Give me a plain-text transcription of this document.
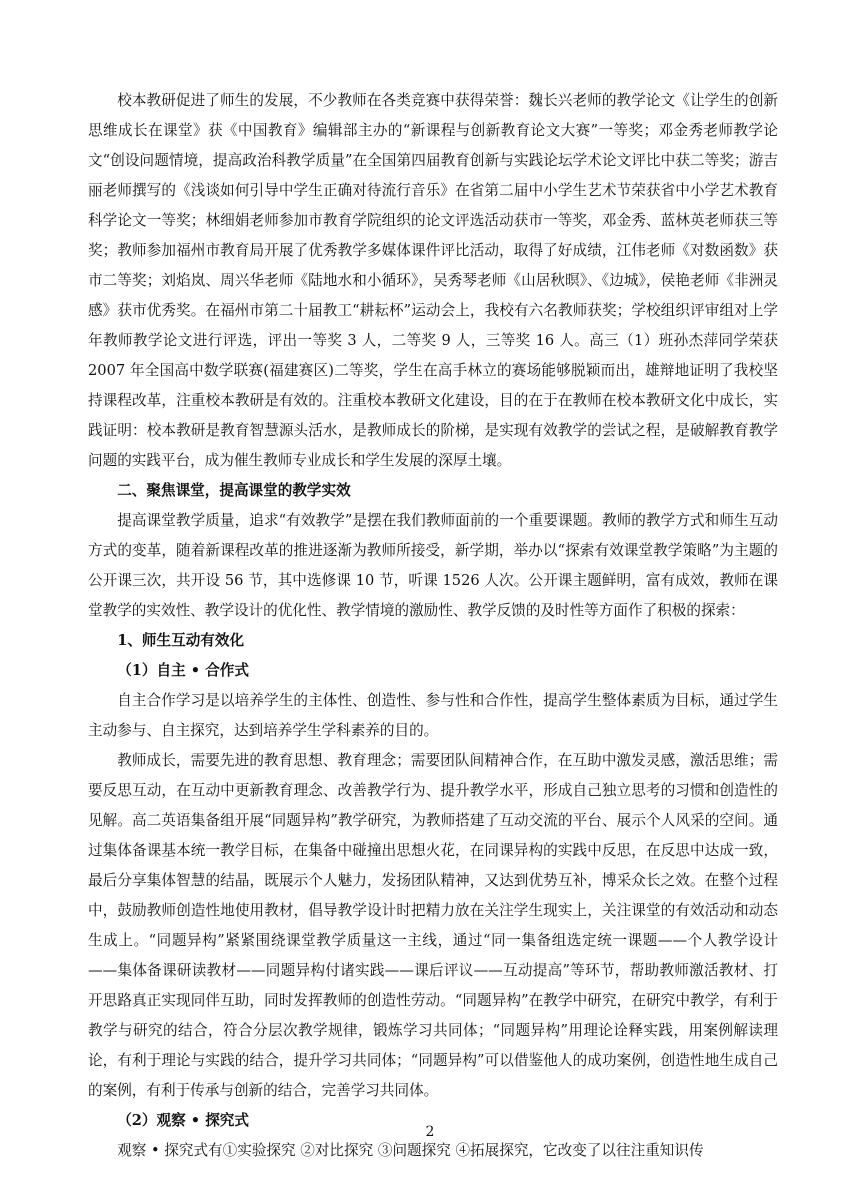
校本教研促进了师生的发展，不少教师在各类竞赛中获得荣誉：魏长兴老师的教学论文《让学生的创新思维成长在课堂》获《中国教育》编辑部主办的“新课程与创新教育论文大赛”一等奖；邓金秀老师教学论文“创设问题情境，提高政治科教学质量”在全国第四届教育创新与实践论坛学术论文评比中获二等奖；游吉丽老师撰写的《浅谈如何引导中学生正确对待流行音乐》在省第二届中小学生艺术节荣获省中小学艺术教育科学论文一等奖；林细娟老师参加市教育学院组织的论文评选活动获市一等奖，邓金秀、蓝林英老师获三等奖；教师参加福州市教育局开展了优秀教学多媒体课件评比活动，取得了好成绩，江伟老师《对数函数》获市二等奖；刘焰岚、周兴华老师《陆地水和小循环》，吴秀琴老师《山居秋暝》、《边城》，侯艳老师《非洲灵感》获市优秀奖。在福州市第二十届教工“耕耘杯”运动会上，我校有六名教师获奖；学校组织评审组对上学年教师教学论文进行评选，评出一等奖 3 人，二等奖 9 人，三等奖 16 人。高三（1）班孙杰萍同学荣获 2007 年全国高中数学联赛(福建赛区)二等奖，学生在高手林立的赛场能够脱颖而出，雄辩地证明了我校坚持课程改革，注重校本教研是有效的。注重校本教研文化建设，目的在于在教师在校本教研文化中成长，实践证明：校本教研是教育智慧源头活水，是教师成长的阶梯，是实现有效教学的尝试之程，是破解教育教学问题的实践平台，成为催生教师专业成长和学生发展的深厚土壤。

二、聚焦课堂，提高课堂的教学实效

提高课堂教学质量，追求“有效教学”是摆在我们教师面前的一个重要课题。教师的教学方式和师生互动方式的变革，随着新课程改革的推进逐渐为教师所接受，新学期，举办以“探索有效课堂教学策略”为主题的公开课三次，共开设 56 节，其中选修课 10 节，听课 1526 人次。公开课主题鲜明，富有成效，教师在课堂教学的实效性、教学设计的优化性、教学情境的激励性、教学反馈的及时性等方面作了积极的探索：

1、师生互动有效化

（1）自主 • 合作式

自主合作学习是以培养学生的主体性、创造性、参与性和合作性，提高学生整体素质为目标，通过学生主动参与、自主探究，达到培养学生学科素养的目的。

教师成长，需要先进的教育思想、教育理念；需要团队间精神合作，在互助中激发灵感，激活思维；需要反思互动，在互动中更新教育理念、改善教学行为、提升教学水平，形成自己独立思考的习惯和创造性的见解。高二英语集备组开展“同题异构”教学研究，为教师搭建了互动交流的平台、展示个人风采的空间。通过集体备课基本统一教学目标，在集备中碰撞出思想火花，在同课异构的实践中反思，在反思中达成一致，最后分享集体智慧的结晶，既展示个人魅力，发扬团队精神，又达到优势互补，博采众长之效。在整个过程中，鼓励教师创造性地使用教材，倡导教学设计时把精力放在关注学生现实上，关注课堂的有效活动和动态生成上。“同题异构”紧紧围绕课堂教学质量这一主线，通过“同一集备组选定统一课题——个人教学设计——集体备课研读教材——同题异构付诸实践——课后评议——互动提高”等环节，帮助教师激活教材、打开思路真正实现同伴互助，同时发挥教师的创造性劳动。“同题异构”在教学中研究，在研究中教学，有利于教学与研究的结合，符合分层次教学规律，锻炼学习共同体；“同题异构”用理论诠释实践，用案例解读理论，有利于理论与实践的结合，提升学习共同体；“同题异构”可以借鉴他人的成功案例，创造性地生成自己的案例，有利于传承与创新的结合，完善学习共同体。

（2）观察 • 探究式

观察 • 探究式有①实验探究 ②对比探究 ③问题探究 ④拓展探究，它改变了以往注重知识传

2
